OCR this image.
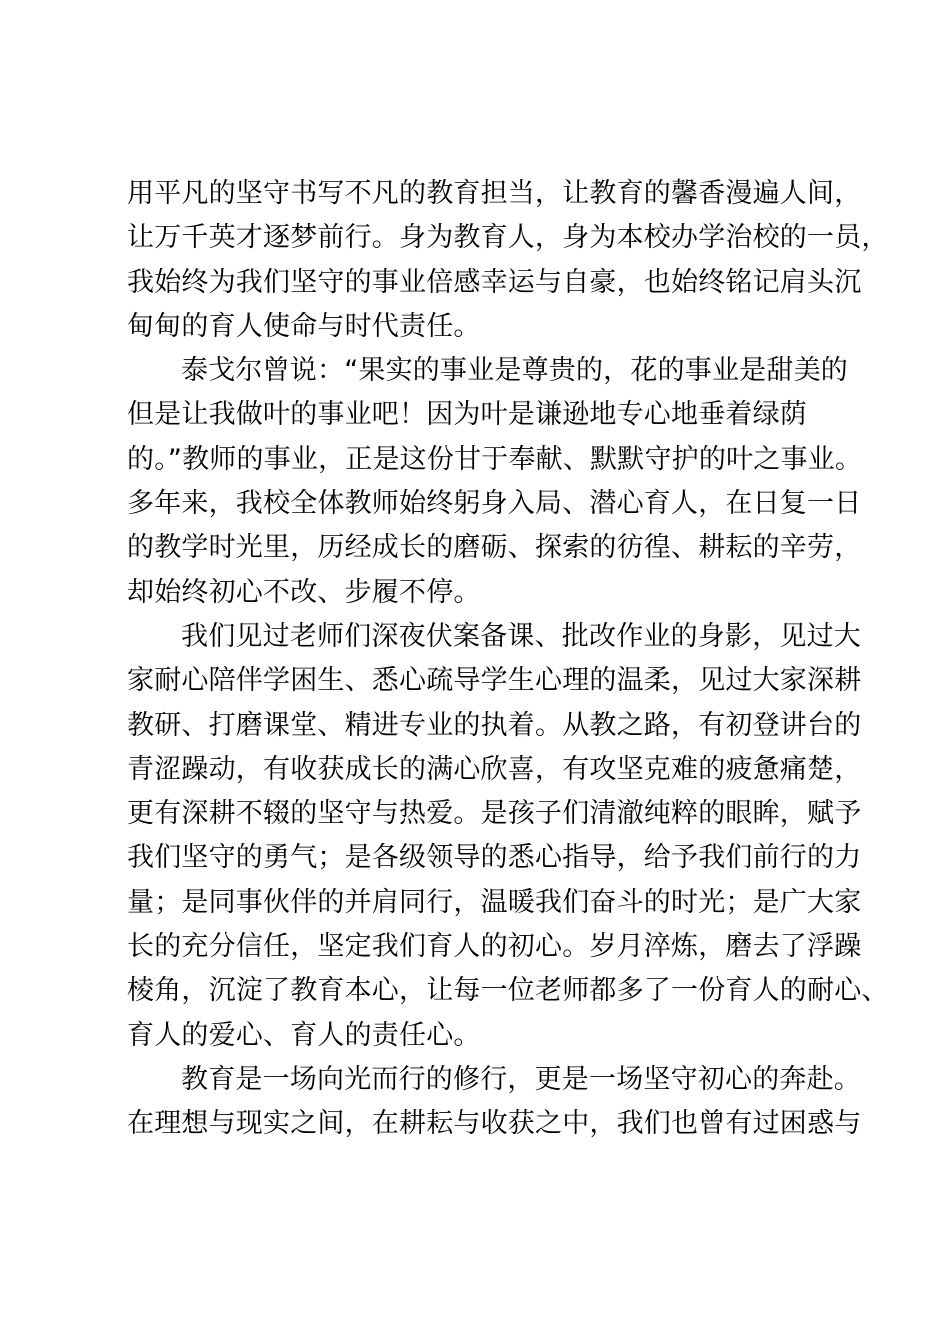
用平凡的坚守书写不凡的教育担当，让教育的馨香漫遍人间，
让万千英才逐梦前行。身为教育人，身为本校办学治校的一员，
我始终为我们坚守的事业倍感幸运与自豪，也始终铭记肩头沉
甸甸的育人使命与时代责任。
泰戈尔曾说：“果实的事业是尊贵的，花的事业是甜美的
但是让我做叶的事业吧！因为叶是谦逊地专心地垂着绿荫
的。”教师的事业，正是这份甘于奉献、默默守护的叶之事业。
多年来，我校全体教师始终躬身入局、潜心育人，在日复一日
的教学时光里，历经成长的磨砺、探索的彷徨、耕耘的辛劳，
却始终初心不改、步履不停。
我们见过老师们深夜伏案备课、批改作业的身影，见过大
家耐心陪伴学困生、悉心疏导学生心理的温柔，见过大家深耕
教研、打磨课堂、精进专业的执着。从教之路，有初登讲台的
青涩躁动，有收获成长的满心欣喜，有攻坚克难的疲惫痛楚，
更有深耕不辍的坚守与热爱。是孩子们清澈纯粹的眼眸，赋予
我们坚守的勇气；是各级领导的悉心指导，给予我们前行的力
量；是同事伙伴的并肩同行，温暖我们奋斗的时光；是广大家
长的充分信任，坚定我们育人的初心。岁月淬炼，磨去了浮躁
棱角，沉淀了教育本心，让每一位老师都多了一份育人的耐心、
育人的爱心、育人的责任心。
教育是一场向光而行的修行，更是一场坚守初心的奔赴。
在理想与现实之间，在耕耘与收获之中，我们也曾有过困惑与
